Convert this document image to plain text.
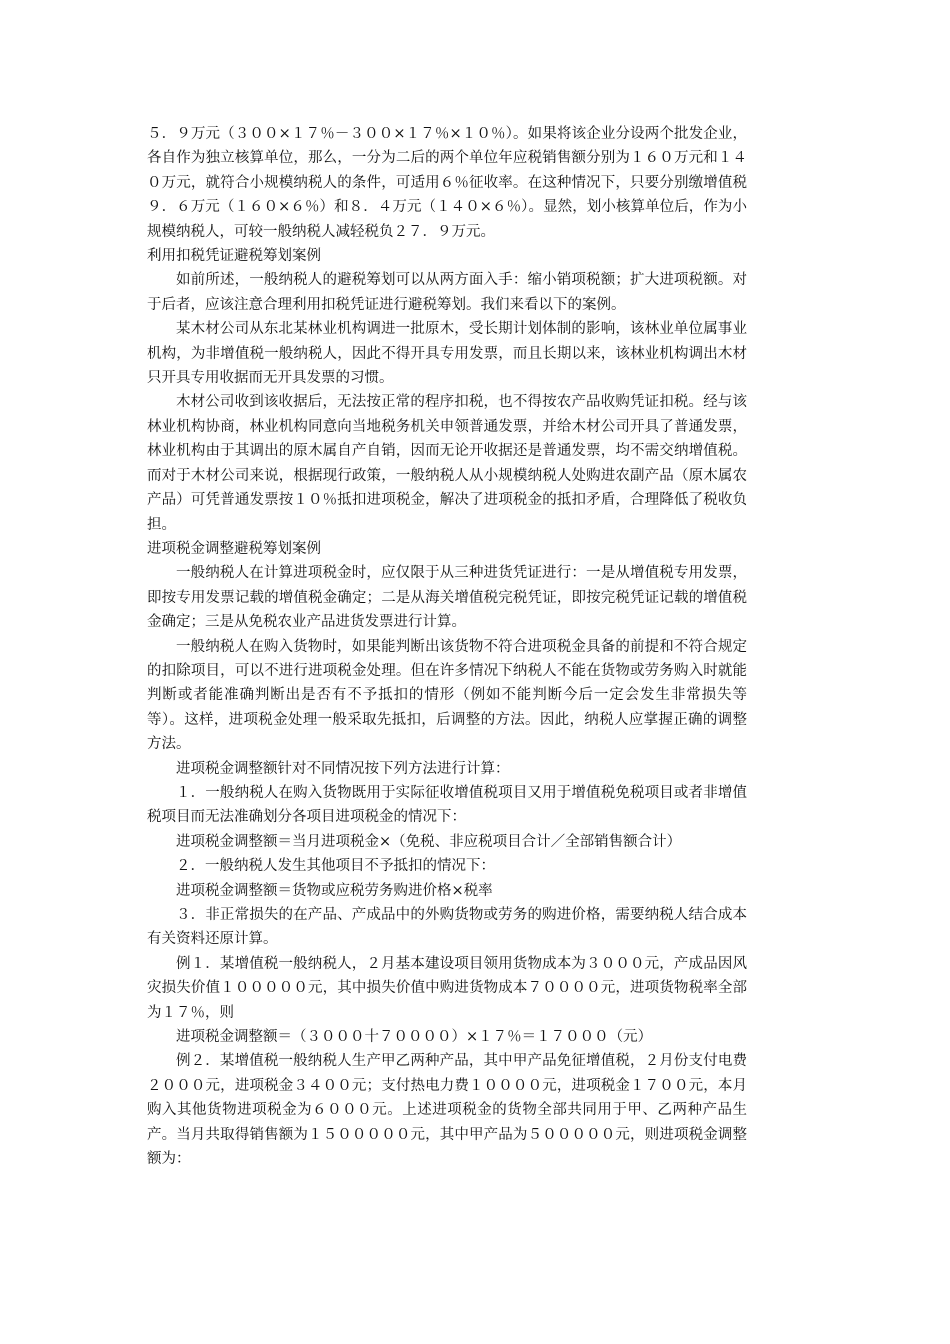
５．９万元（３００×１７％－３００×１７％×１０％）。如果将该企业分设两个批发企业，各自作为独立核算单位，那么，一分为二后的两个单位年应税销售额分别为１６０万元和１４０万元，就符合小规模纳税人的条件，可适用６％征收率。在这种情况下，只要分别缴增值税９．６万元（１６０×６％）和８．４万元（１４０×６％）。显然，划小核算单位后，作为小规模纳税人，可较一般纳税人减轻税负２７．９万元。

利用扣税凭证避税筹划案例

如前所述，一般纳税人的避税筹划可以从两方面入手：缩小销项税额；扩大进项税额。对于后者，应该注意合理利用扣税凭证进行避税筹划。我们来看以下的案例。

某木材公司从东北某林业机构调进一批原木，受长期计划体制的影响，该林业单位属事业机构，为非增值税一般纳税人，因此不得开具专用发票，而且长期以来，该林业机构调出木材只开具专用收据而无开具发票的习惯。

木材公司收到该收据后，无法按正常的程序扣税，也不得按农产品收购凭证扣税。经与该林业机构协商，林业机构同意向当地税务机关申领普通发票，并给木材公司开具了普通发票，林业机构由于其调出的原木属自产自销，因而无论开收据还是普通发票，均不需交纳增值税。而对于木材公司来说，根据现行政策，一般纳税人从小规模纳税人处购进农副产品（原木属农产品）可凭普通发票按１０％抵扣进项税金，解决了进项税金的抵扣矛盾，合理降低了税收负担。

进项税金调整避税筹划案例

一般纳税人在计算进项税金时，应仅限于从三种进货凭证进行：一是从增值税专用发票，即按专用发票记载的增值税金确定；二是从海关增值税完税凭证，即按完税凭证记载的增值税金确定；三是从免税农业产品进货发票进行计算。

一般纳税人在购入货物时，如果能判断出该货物不符合进项税金具备的前提和不符合规定的扣除项目，可以不进行进项税金处理。但在许多情况下纳税人不能在货物或劳务购入时就能判断或者能准确判断出是否有不予抵扣的情形（例如不能判断今后一定会发生非常损失等等）。这样，进项税金处理一般采取先抵扣，后调整的方法。因此，纳税人应掌握正确的调整方法。

进项税金调整额针对不同情况按下列方法进行计算：

１．一般纳税人在购入货物既用于实际征收增值税项目又用于增值税免税项目或者非增值税项目而无法准确划分各项目进项税金的情况下：

进项税金调整额＝当月进项税金×（免税、非应税项目合计／全部销售额合计）

２．一般纳税人发生其他项目不予抵扣的情况下：

进项税金调整额＝货物或应税劳务购进价格×税率

３．非正常损失的在产品、产成品中的外购货物或劳务的购进价格，需要纳税人结合成本有关资料还原计算。

例１．某增值税一般纳税人，２月基本建设项目领用货物成本为３０００元，产成品因风灾损失价值１０００００元，其中损失价值中购进货物成本７００００元，进项货物税率全部为１７％，则

进项税金调整额＝（３０００十７００００）×１７％＝１７０００（元）

例２．某增值税一般纳税人生产甲乙两种产品，其中甲产品免征增值税，２月份支付电费２０００元，进项税金３４００元；支付热电力费１００００元，进项税金１７００元，本月购入其他货物进项税金为６０００元。上述进项税金的货物全部共同用于甲、乙两种产品生产。当月共取得销售额为１５０００００元，其中甲产品为５０００００元，则进项税金调整额为：
